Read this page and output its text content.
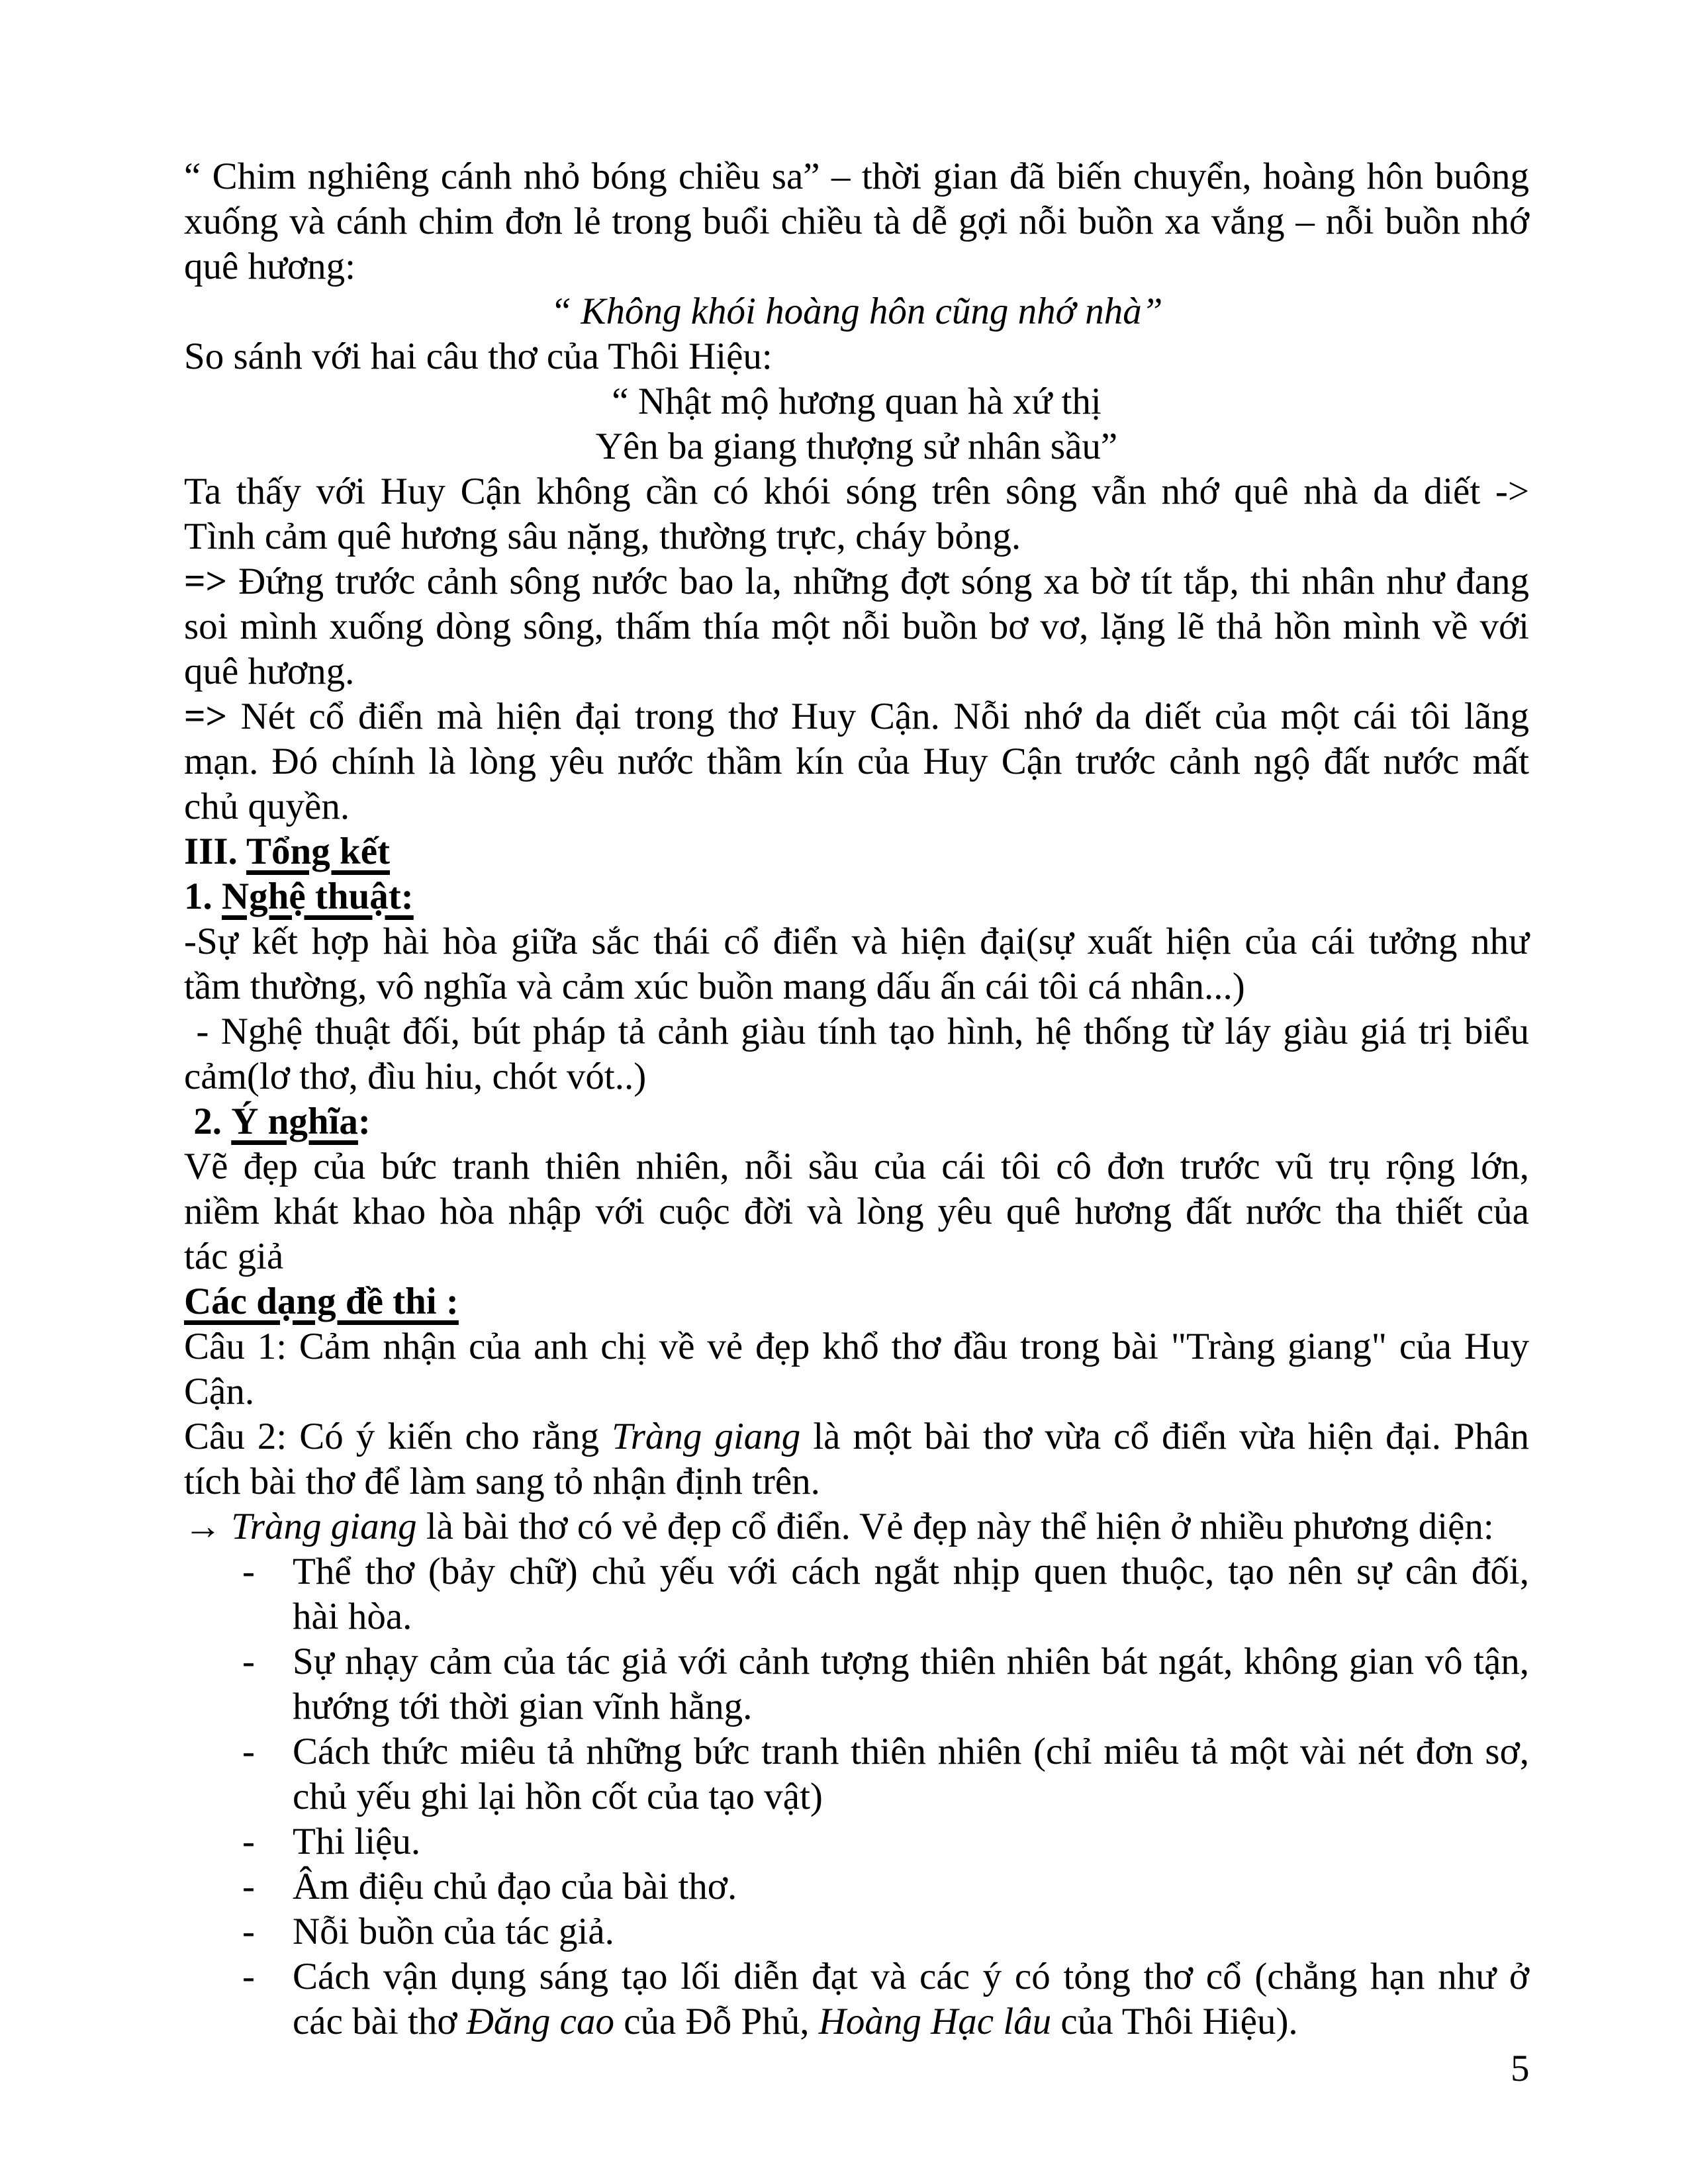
“ Chim nghiêng cánh nhỏ bóng chiều sa” – thời gian đã biến chuyển, hoàng hôn buông
xuống và cánh chim đơn lẻ trong buổi chiều tà dễ gợi nỗi buồn xa vắng – nỗi buồn nhớ
quê hương:
“ Không khói hoàng hôn cũng nhớ nhà”
So sánh với hai câu thơ của Thôi Hiệu:
“ Nhật mộ hương quan hà xứ thị
Yên ba giang thượng sử nhân sầu”
Ta thấy với Huy Cận không cần có khói sóng trên sông vẫn nhớ quê nhà da diết ->
Tình cảm quê hương sâu nặng, thường trực, cháy bỏng.
=> Đứng trước cảnh sông nước bao la, những đợt sóng xa bờ tít tắp, thi nhân như đang
soi mình xuống dòng sông, thấm thía một nỗi buồn bơ vơ, lặng lẽ thả hồn mình về với
quê hương.
=> Nét cổ điển mà hiện đại trong thơ Huy Cận. Nỗi nhớ da diết của một cái tôi lãng
mạn. Đó chính là lòng yêu nước thầm kín của Huy Cận trước cảnh ngộ đất nước mất
chủ quyền.
III. Tổng kết
1. Nghệ thuật:
-Sự kết hợp hài hòa giữa sắc thái cổ điển và hiện đại(sự xuất hiện của cái tưởng như
tầm thường, vô nghĩa và cảm xúc buồn mang dấu ấn cái tôi cá nhân...)
- Nghệ thuật đối, bút pháp tả cảnh giàu tính tạo hình, hệ thống từ láy giàu giá trị biểu
cảm(lơ thơ, đìu hiu, chót vót..)
2. Ý nghĩa:
Vẽ đẹp của bức tranh thiên nhiên, nỗi sầu của cái tôi cô đơn trước vũ trụ rộng lớn,
niềm khát khao hòa nhập với cuộc đời và lòng yêu quê hương đất nước tha thiết của
tác giả
Các dạng đề thi :
Câu 1: Cảm nhận của anh chị về vẻ đẹp khổ thơ đầu trong bài "Tràng giang" của Huy
Cận.
Câu 2: Có ý kiến cho rằng Tràng giang là một bài thơ vừa cổ điển vừa hiện đại. Phân
tích bài thơ để làm sang tỏ nhận định trên.
→ Tràng giang là bài thơ có vẻ đẹp cổ điển. Vẻ đẹp này thể hiện ở nhiều phương diện:
- Thể thơ (bảy chữ) chủ yếu với cách ngắt nhịp quen thuộc, tạo nên sự cân đối,
hài hòa.
- Sự nhạy cảm của tác giả với cảnh tượng thiên nhiên bát ngát, không gian vô tận,
hướng tới thời gian vĩnh hằng.
- Cách thức miêu tả những bức tranh thiên nhiên (chỉ miêu tả một vài nét đơn sơ,
chủ yếu ghi lại hồn cốt của tạo vật)
- Thi liệu.
- Âm điệu chủ đạo của bài thơ.
- Nỗi buồn của tác giả.
- Cách vận dụng sáng tạo lối diễn đạt và các ý có tỏng thơ cổ (chẳng hạn như ở
các bài thơ Đăng cao của Đỗ Phủ, Hoàng Hạc lâu của Thôi Hiệu).
5
